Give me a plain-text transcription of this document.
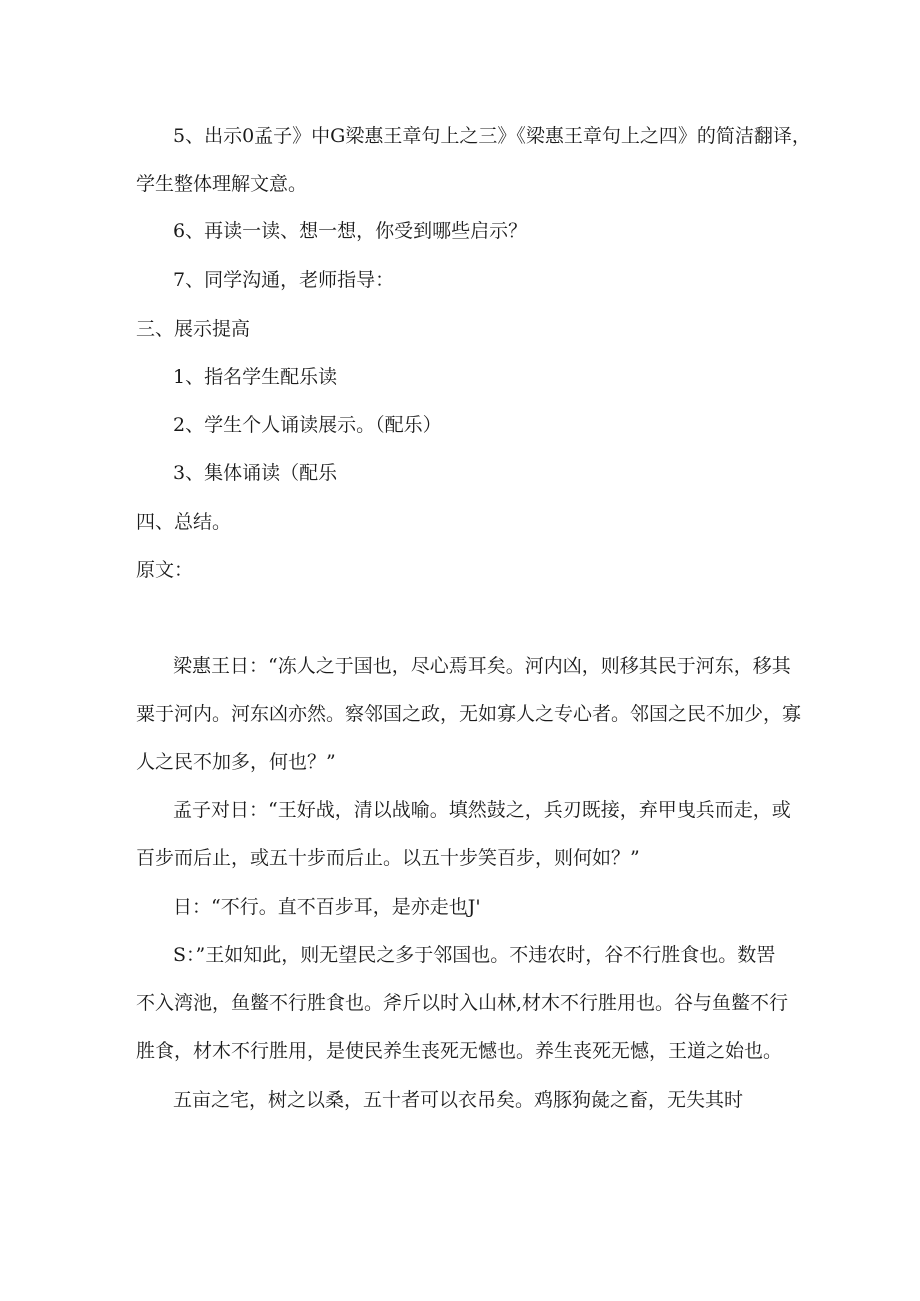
5、出示0孟子》中G梁惠王章句上之三》《梁惠王章句上之四》的简洁翻译，
学生整体理解文意。
6、再读一读、想一想，你受到哪些启示？
7、同学沟通，老师指导：
三、展示提高
1、指名学生配乐读
2、学生个人诵读展示。（配乐）
3、集体诵读（配乐
四、总结。
原文：
梁惠王日：“冻人之于国也，尽心焉耳矣。河内凶，则移其民于河东，移其
粟于河内。河东凶亦然。察邻国之政，无如寡人之专心者。邻国之民不加少，寡
人之民不加多，何也？”
孟子对日：“王好战，清以战喻。填然鼓之，兵刃既接，弃甲曳兵而走，或
百步而后止，或五十步而后止。以五十步笑百步，则何如？”
日：“不行。直不百步耳，是亦走也J'
S：”王如知此，则无望民之多于邻国也。不违农时，谷不行胜食也。数罟
不入湾池，鱼鳖不行胜食也。斧斤以时入山林,材木不行胜用也。谷与鱼鳖不行
胜食，材木不行胜用，是使民养生丧死无憾也。养生丧死无憾，王道之始也。
五亩之宅，树之以桑，五十者可以衣吊矣。鸡豚狗彘之畜，无失其时
